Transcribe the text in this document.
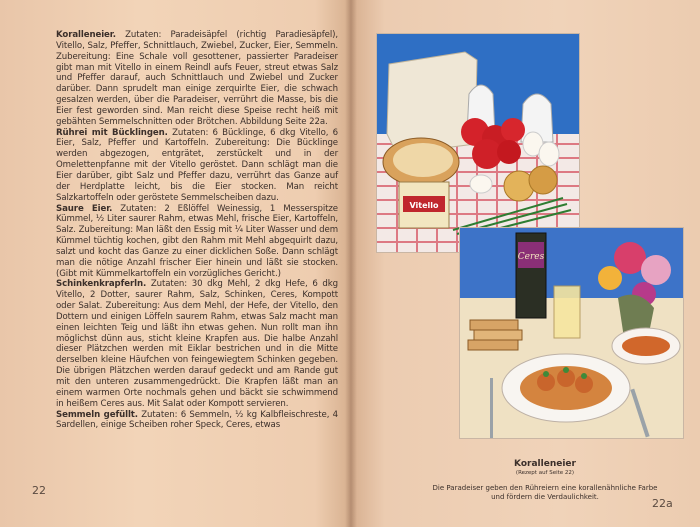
Koralleneier. Zutaten: Paradeisäpfel (richtig Paradiesäpfel), Vitello, Salz, Pfeffer, Schnittlauch, Zwiebel, Zucker, Eier, Semmeln. Zubereitung: Eine Schale voll gesottener, passierter Paradeiser gibt man mit Vitello in einem Reindl aufs Feuer, streut etwas Salz und Pfeffer darauf, auch Schnittlauch und Zwiebel und Zucker darüber. Dann sprudelt man einige zerquirlte Eier, die schwach gesalzen werden, über die Paradeiser, verrührt die Masse, bis die Eier fest geworden sind. Man reicht diese Speise recht heiß mit gebähten Semmelschnitten oder Brötchen. Abbildung Seite 22a.

Rührei mit Bücklingen. Zutaten: 6 Bücklinge, 6 dkg Vitello, 6 Eier, Salz, Pfeffer und Kartoffeln. Zubereitung: Die Bücklinge werden abgezogen, entgrätet, zerstückelt und in der Omelettenpfanne mit der Vitello geröstet. Dann schlägt man die Eier darüber, gibt Salz und Pfeffer dazu, verrührt das Ganze auf der Herdplatte leicht, bis die Eier stocken. Man reicht Salzkartoffeln oder geröstete Semmelscheiben dazu.

Saure Eier. Zutaten: 2 Eßlöffel Weinessig, 1 Messerspitze Kümmel, ½ Liter saurer Rahm, etwas Mehl, frische Eier, Kartoffeln, Salz. Zubereitung: Man läßt den Essig mit ¼ Liter Wasser und dem Kümmel tüchtig kochen, gibt den Rahm mit Mehl abgequirlt dazu, salzt und kocht das Ganze zu einer dicklichen Soße. Dann schlägt man die nötige Anzahl frischer Eier hinein und läßt sie stocken. (Gibt mit Kümmelkartoffeln ein vorzügliches Gericht.)

Schinkenkrapferln. Zutaten: 30 dkg Mehl, 2 dkg Hefe, 6 dkg Vitello, 2 Dotter, saurer Rahm, Salz, Schinken, Ceres, Kompott oder Salat. Zubereitung: Aus dem Mehl, der Hefe, der Vitello, den Dottern und einigen Löffeln saurem Rahm, etwas Salz macht man einen leichten Teig und läßt ihn etwas gehen. Nun rollt man ihn möglichst dünn aus, sticht kleine Krapfen aus. Die halbe Anzahl dieser Plätzchen werden mit Eiklar bestrichen und in die Mitte derselben kleine Häufchen von feingewiegtem Schinken gegeben. Die übrigen Plätzchen werden darauf gedeckt und am Rande gut mit den unteren zusammengedrückt. Die Krapfen läßt man an einem warmen Orte nochmals gehen und bäckt sie schwimmend in heißem Ceres aus. Mit Salat oder Kompott servieren.

Semmeln gefüllt. Zutaten: 6 Semmeln, ½ kg Kalbfleischreste, 4 Sardellen, einige Scheiben roher Speck, Ceres, etwas

22
Vitello
Ceres
Koralleneier
(Rezept auf Seite 22)
Die Paradeiser geben den Rühreiern eine korallenähnliche Farbe und fördern die Verdaulichkeit.	22a
